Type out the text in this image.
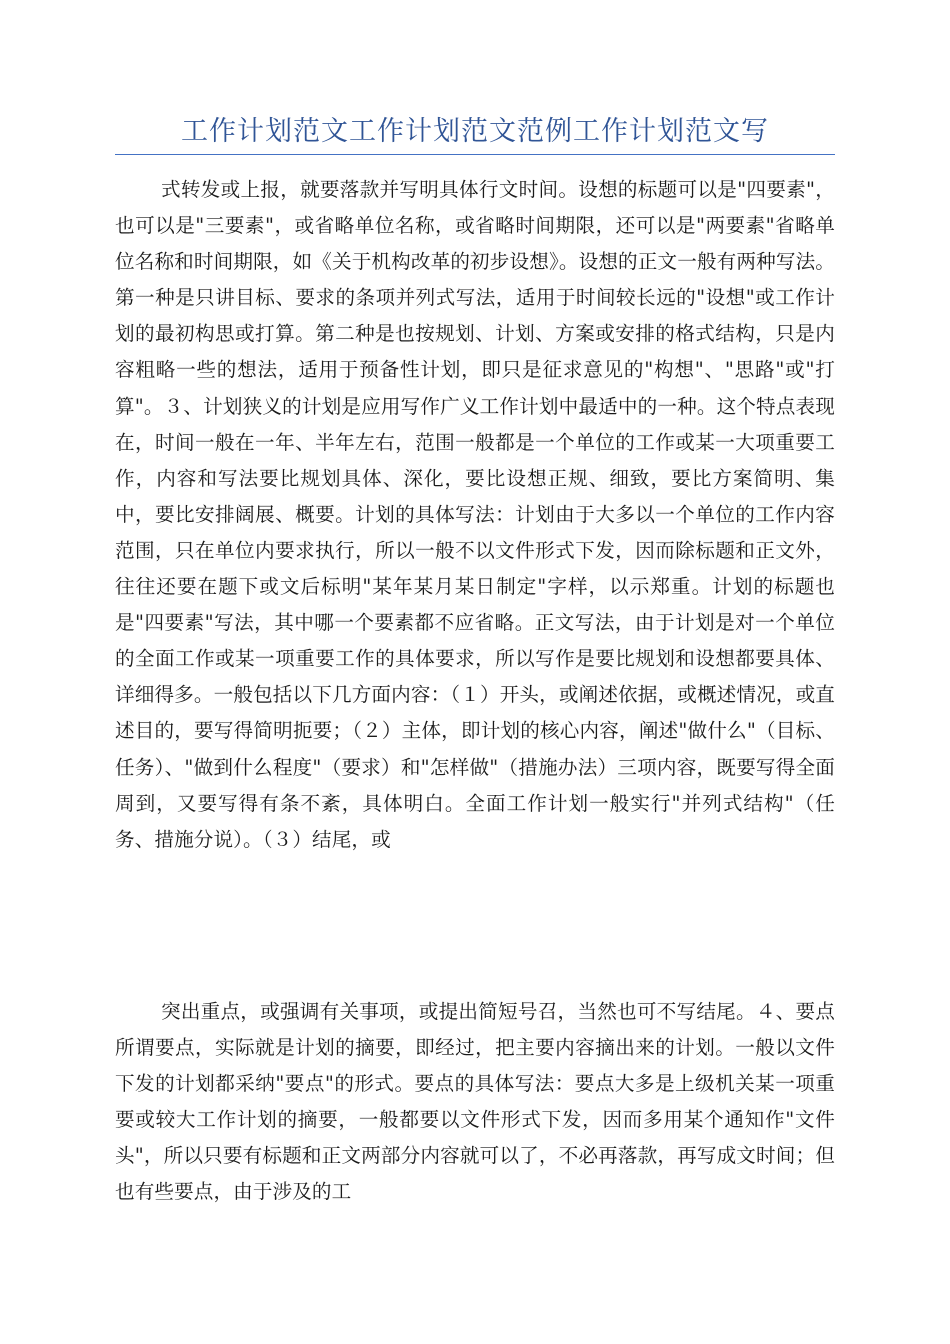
工作计划范文工作计划范文范例工作计划范文写

式转发或上报，就要落款并写明具体行文时间。设想的标题可以是"四要素"，也可以是"三要素"，或省略单位名称，或省略时间期限，还可以是"两要素"省略单位名称和时间期限，如《关于机构改革的初步设想》。设想的正文一般有两种写法。第一种是只讲目标、要求的条项并列式写法，适用于时间较长远的"设想"或工作计划的最初构思或打算。第二种是也按规划、计划、方案或安排的格式结构，只是内容粗略一些的想法，适用于预备性计划，即只是征求意见的"构想"、"思路"或"打算"。３、计划狭义的计划是应用写作广义工作计划中最适中的一种。这个特点表现在，时间一般在一年、半年左右，范围一般都是一个单位的工作或某一大项重要工作，内容和写法要比规划具体、深化，要比设想正规、细致，要比方案简明、集中，要比安排阔展、概要。计划的具体写法：计划由于大多以一个单位的工作内容范围，只在单位内要求执行，所以一般不以文件形式下发，因而除标题和正文外，往往还要在题下或文后标明"某年某月某日制定"字样，以示郑重。计划的标题也是"四要素"写法，其中哪一个要素都不应省略。正文写法，由于计划是对一个单位的全面工作或某一项重要工作的具体要求，所以写作是要比规划和设想都要具体、详细得多。一般包括以下几方面内容：（１）开头，或阐述依据，或概述情况，或直述目的，要写得简明扼要；（２）主体，即计划的核心内容，阐述"做什么"（目标、任务）、"做到什么程度"（要求）和"怎样做"（措施办法）三项内容，既要写得全面周到，又要写得有条不紊，具体明白。全面工作计划一般实行"并列式结构"（任务、措施分说）。（３）结尾，或

突出重点，或强调有关事项，或提出简短号召，当然也可不写结尾。４、要点所谓要点，实际就是计划的摘要，即经过，把主要内容摘出来的计划。一般以文件下发的计划都采纳"要点"的形式。要点的具体写法：要点大多是上级机关某一项重要或较大工作计划的摘要，一般都要以文件形式下发，因而多用某个通知作"文件头"，所以只要有标题和正文两部分内容就可以了，不必再落款，再写成文时间；但也有些要点，由于涉及的工
